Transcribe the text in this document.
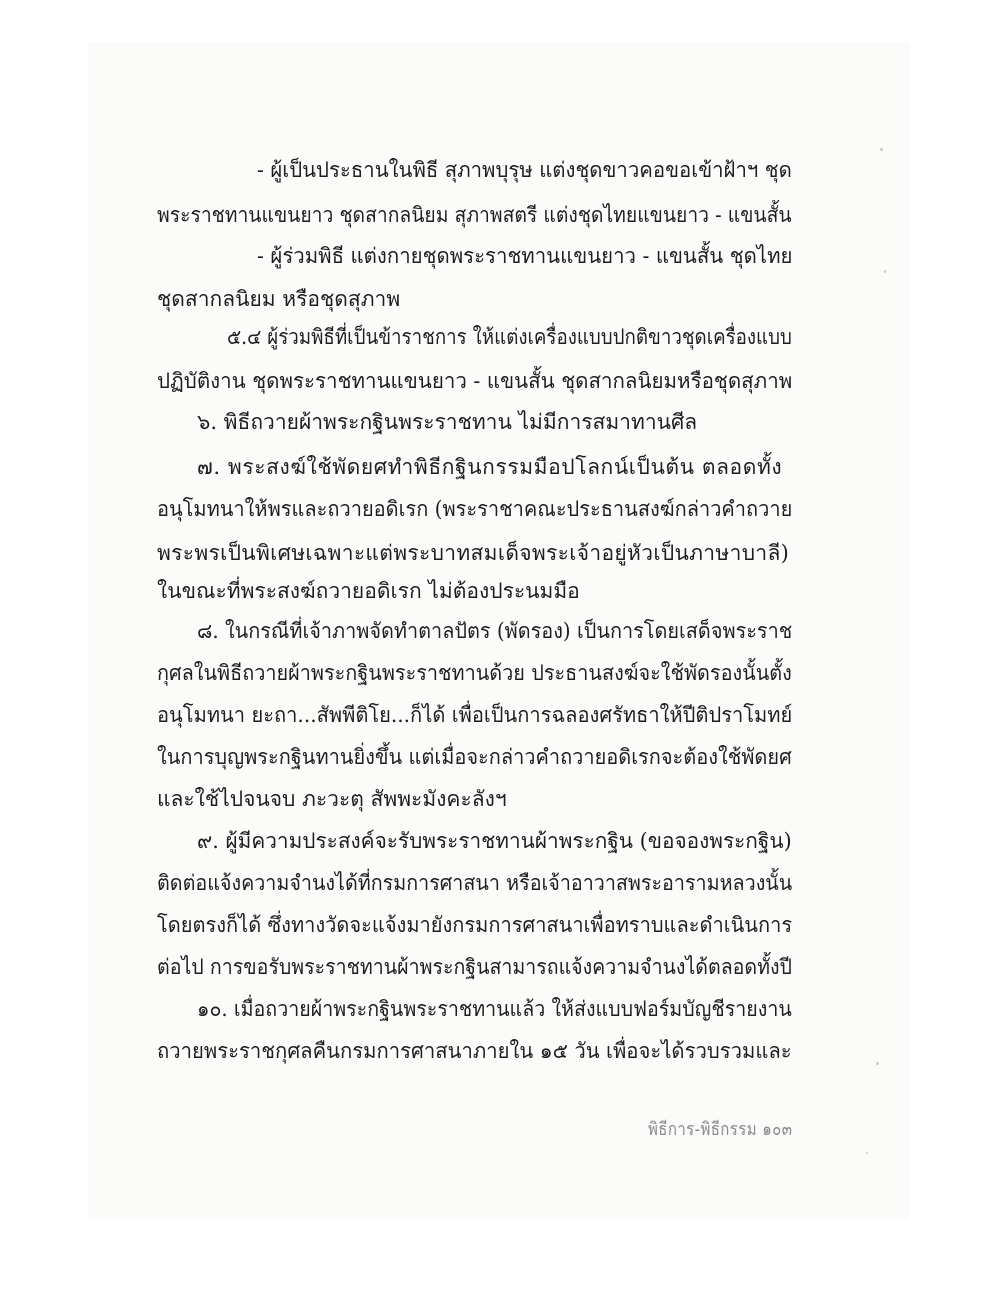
- ผู้เป็นประธานในพิธี สุภาพบุรุษ แต่งชุดขาวคอขอเข้าฝ้าฯ ชุด
พระราชทานแขนยาว ชุดสากลนิยม สุภาพสตรี แต่งชุดไทยแขนยาว - แขนสั้น
- ผู้ร่วมพิธี แต่งกายชุดพระราชทานแขนยาว - แขนสั้น ชุดไทย
ชุดสากลนิยม หรือชุดสุภาพ
๕.๔ ผู้ร่วมพิธีที่เป็นข้าราชการ ให้แต่งเครื่องแบบปกติขาวชุดเครื่องแบบ
ปฏิบัติงาน ชุดพระราชทานแขนยาว - แขนสั้น ชุดสากลนิยมหรือชุดสุภาพ
๖. พิธีถวายผ้าพระกฐินพระราชทาน ไม่มีการสมาทานศีล
๗. พระสงฆ์ใช้พัดยศทำพิธีกฐินกรรมมือปโลกน์เป็นต้น ตลอดทั้ง
อนุโมทนาให้พรและถวายอดิเรก (พระราชาคณะประธานสงฆ์กล่าวคำถวาย
พระพรเป็นพิเศษเฉพาะแต่พระบาทสมเด็จพระเจ้าอยู่หัวเป็นภาษาบาลี)
ในขณะที่พระสงฆ์ถวายอดิเรก ไม่ต้องประนมมือ
๘. ในกรณีที่เจ้าภาพจัดทำตาลปัตร (พัดรอง) เป็นการโดยเสด็จพระราช
กุศลในพิธีถวายผ้าพระกฐินพระราชทานด้วย ประธานสงฆ์จะใช้พัดรองนั้นตั้ง
อนุโมทนา ยะถา...สัพพีติโย...ก็ได้ เพื่อเป็นการฉลองศรัทธาให้ปีติปราโมทย์
ในการบุญพระกฐินทานยิ่งขึ้น แต่เมื่อจะกล่าวคำถวายอดิเรกจะต้องใช้พัดยศ
และใช้ไปจนจบ ภะวะตุ สัพพะมังคะลังฯ
๙. ผู้มีความประสงค์จะรับพระราชทานผ้าพระกฐิน (ขอจองพระกฐิน)
ติดต่อแจ้งความจำนงได้ที่กรมการศาสนา หรือเจ้าอาวาสพระอารามหลวงนั้น
โดยตรงก็ได้ ซึ่งทางวัดจะแจ้งมายังกรมการศาสนาเพื่อทราบและดำเนินการ
ต่อไป การขอรับพระราชทานผ้าพระกฐินสามารถแจ้งความจำนงได้ตลอดทั้งปี
๑๐. เมื่อถวายผ้าพระกฐินพระราชทานแล้ว ให้ส่งแบบฟอร์มบัญชีรายงาน
ถวายพระราชกุศลคืนกรมการศาสนาภายใน ๑๕ วัน เพื่อจะได้รวบรวมและ
พิธีการ-พิธีกรรม ๑๐๓
